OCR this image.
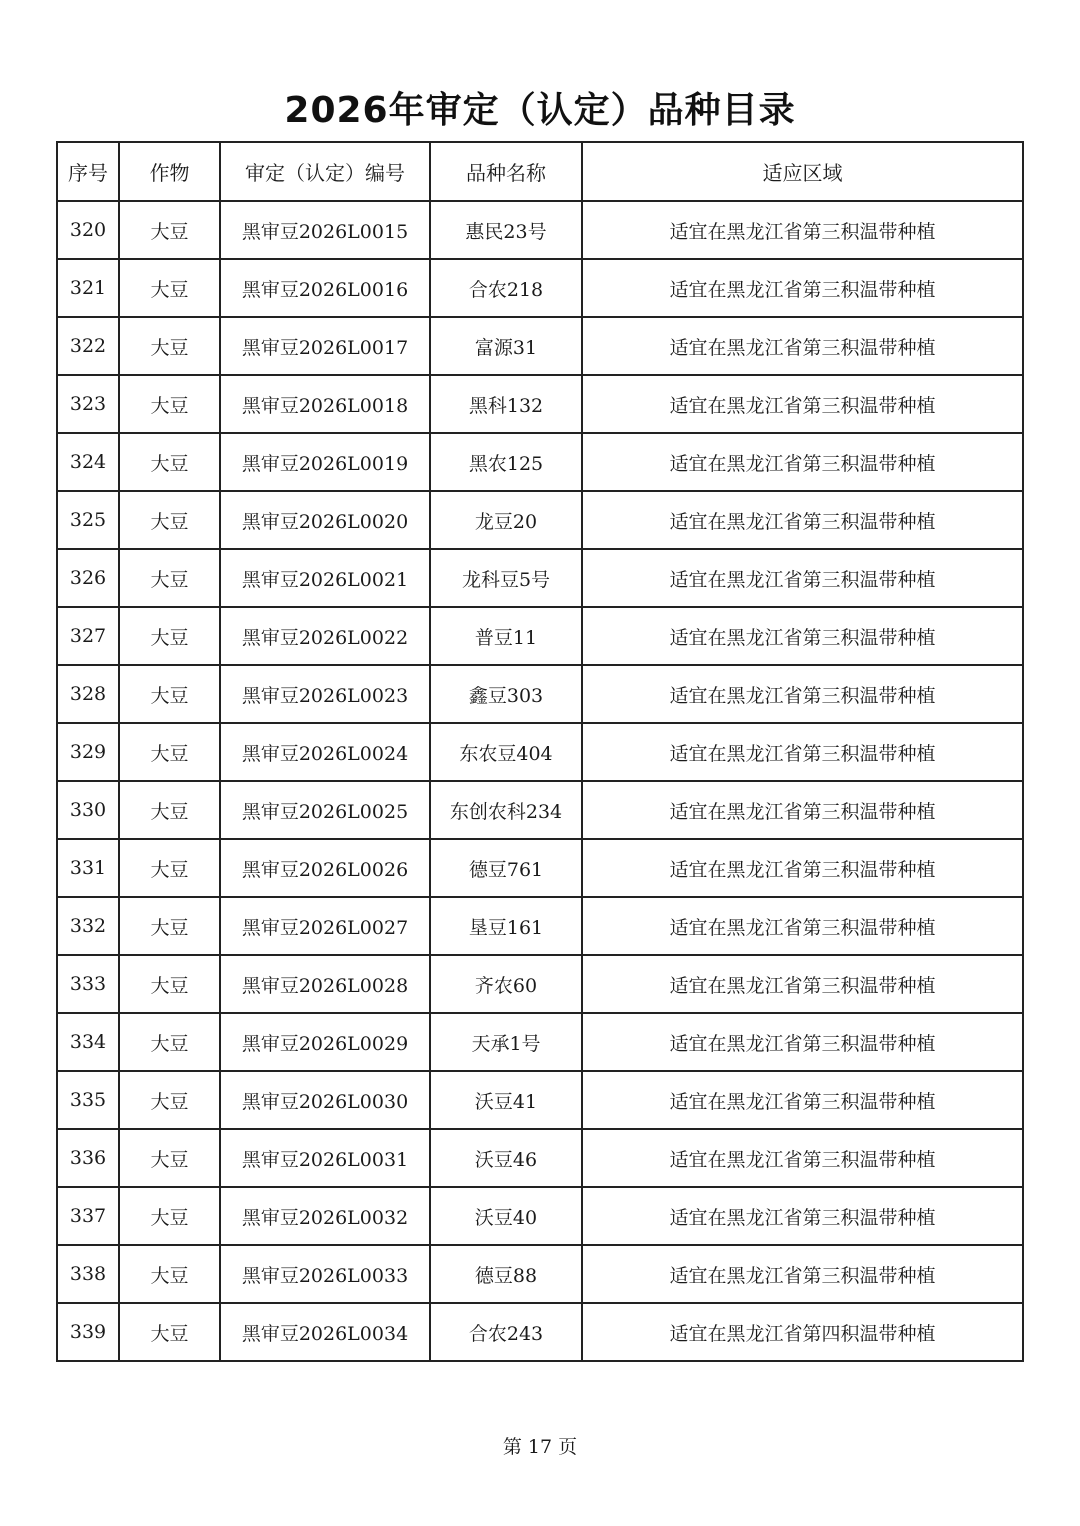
2026年审定（认定）品种目录
序号	作物	审定（认定）编号	品种名称	适应区域
320	大豆	黑审豆2026L0015	惠民23号	适宜在黑龙江省第三积温带种植
321	大豆	黑审豆2026L0016	合农218	适宜在黑龙江省第三积温带种植
322	大豆	黑审豆2026L0017	富源31	适宜在黑龙江省第三积温带种植
323	大豆	黑审豆2026L0018	黑科132	适宜在黑龙江省第三积温带种植
324	大豆	黑审豆2026L0019	黑农125	适宜在黑龙江省第三积温带种植
325	大豆	黑审豆2026L0020	龙豆20	适宜在黑龙江省第三积温带种植
326	大豆	黑审豆2026L0021	龙科豆5号	适宜在黑龙江省第三积温带种植
327	大豆	黑审豆2026L0022	普豆11	适宜在黑龙江省第三积温带种植
328	大豆	黑审豆2026L0023	鑫豆303	适宜在黑龙江省第三积温带种植
329	大豆	黑审豆2026L0024	东农豆404	适宜在黑龙江省第三积温带种植
330	大豆	黑审豆2026L0025	东创农科234	适宜在黑龙江省第三积温带种植
331	大豆	黑审豆2026L0026	德豆761	适宜在黑龙江省第三积温带种植
332	大豆	黑审豆2026L0027	垦豆161	适宜在黑龙江省第三积温带种植
333	大豆	黑审豆2026L0028	齐农60	适宜在黑龙江省第三积温带种植
334	大豆	黑审豆2026L0029	天承1号	适宜在黑龙江省第三积温带种植
335	大豆	黑审豆2026L0030	沃豆41	适宜在黑龙江省第三积温带种植
336	大豆	黑审豆2026L0031	沃豆46	适宜在黑龙江省第三积温带种植
337	大豆	黑审豆2026L0032	沃豆40	适宜在黑龙江省第三积温带种植
338	大豆	黑审豆2026L0033	德豆88	适宜在黑龙江省第三积温带种植
339	大豆	黑审豆2026L0034	合农243	适宜在黑龙江省第四积温带种植
第 17 页
